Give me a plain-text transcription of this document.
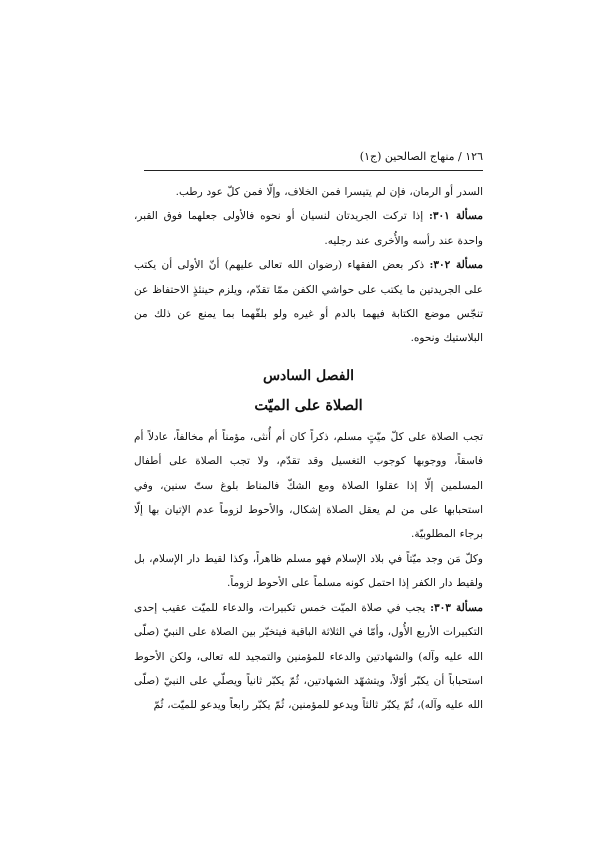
١٢٦ / منهاج الصالحين (ج١)

السدر أو الرمان، فإن لم يتيسرا فمن الخلاف، وإلّا فمن كلّ عود رطب.

مسألة ٣٠١: إذا تركت الجريدتان لنسيان أو نحوه فالأولى جعلهما فوق القبر، واحدة عند رأسه والأُخرى عند رجليه.

مسألة ٣٠٢: ذكر بعض الفقهاء (رضوان الله تعالى عليهم) أنّ الأولى أن يكتب على الجريدتين ما يكتب على حواشي الكفن ممّا تقدّم، ويلزم حينئذٍ الاحتفاظ عن تنجّس موضع الكتابة فيهما بالدم أو غيره ولو بلفّهما بما يمنع عن ذلك من البلاستيك ونحوه.

الفصل السادس
الصلاة على الميّت

تجب الصلاة على كلّ ميّتٍ مسلم، ذكراً كان أم أُنثى، مؤمناً أم مخالفاً، عادلاً أم فاسقاً، ووجوبها كوجوب التغسيل وقد تقدّم، ولا تجب الصلاة على أطفال المسلمين إلّا إذا عقلوا الصلاة ومع الشكّ فالمناط بلوغ ستّ سنين، وفي استحبابها على من لم يعقل الصلاة إشكال، والأحوط لزوماً عدم الإتيان بها إلّا برجاء المطلوبيّة.

وكلّ مَن وجد ميّتاً في بلاد الإسلام فهو مسلم ظاهراً، وكذا لقيط دار الإسلام، بل ولقيط دار الكفر إذا احتمل كونه مسلماً على الأحوط لزوماً.

مسألة ٣٠٣: يجب في صلاة الميّت خمس تكبيرات، والدعاء للميّت عقيب إحدى التكبيرات الأربع الأُول، وأمّا في الثلاثة الباقية فيتخيّر بين الصلاة على النبيّ (صلّى الله عليه وآله) والشهادتين والدعاء للمؤمنين والتمجيد لله تعالى، ولكن الأحوط استحباباً أن يكبّر أوّلاً، ويتشهّد الشهادتين، ثُمّ يكبّر ثانياً ويصلّي على النبيّ (صلّى الله عليه وآله)، ثُمّ يكبّر ثالثاً ويدعو للمؤمنين، ثُمّ يكبّر رابعاً ويدعو للميّت، ثُمّ
